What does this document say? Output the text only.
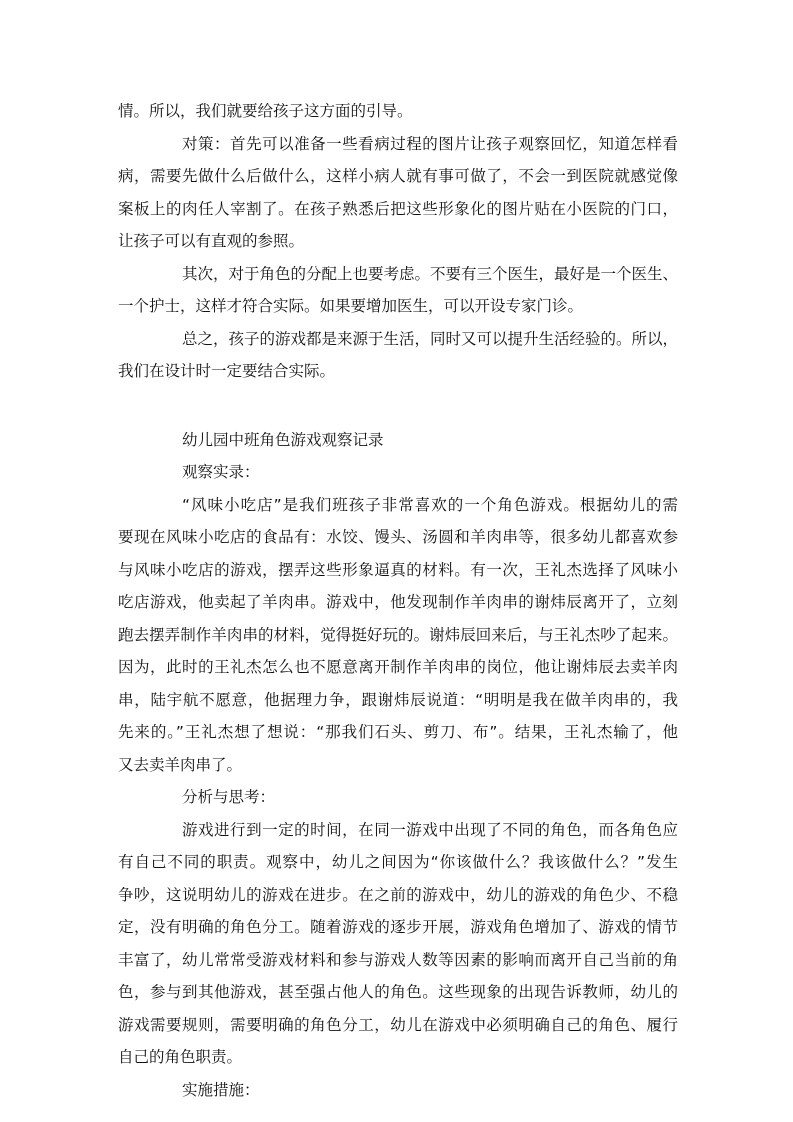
情。所以，我们就要给孩子这方面的引导。
对策：首先可以准备一些看病过程的图片让孩子观察回忆，知道怎样看
病，需要先做什么后做什么，这样小病人就有事可做了，不会一到医院就感觉像
案板上的肉任人宰割了。在孩子熟悉后把这些形象化的图片贴在小医院的门口，
让孩子可以有直观的参照。
其次，对于角色的分配上也要考虑。不要有三个医生，最好是一个医生、
一个护士，这样才符合实际。如果要增加医生，可以开设专家门诊。
总之，孩子的游戏都是来源于生活，同时又可以提升生活经验的。所以，
我们在设计时一定要结合实际。
幼儿园中班角色游戏观察记录
观察实录：
“风味小吃店”是我们班孩子非常喜欢的一个角色游戏。根据幼儿的需
要现在风味小吃店的食品有：水饺、馒头、汤圆和羊肉串等，很多幼儿都喜欢参
与风味小吃店的游戏，摆弄这些形象逼真的材料。有一次，王礼杰选择了风味小
吃店游戏，他卖起了羊肉串。游戏中，他发现制作羊肉串的谢炜辰离开了，立刻
跑去摆弄制作羊肉串的材料，觉得挺好玩的。谢炜辰回来后，与王礼杰吵了起来。
因为，此时的王礼杰怎么也不愿意离开制作羊肉串的岗位，他让谢炜辰去卖羊肉
串，陆宇航不愿意，他据理力争，跟谢炜辰说道：“明明是我在做羊肉串的，我
先来的。”王礼杰想了想说：“那我们石头、剪刀、布”。结果，王礼杰输了，他
又去卖羊肉串了。
分析与思考：
游戏进行到一定的时间，在同一游戏中出现了不同的角色，而各角色应
有自己不同的职责。观察中，幼儿之间因为“你该做什么？我该做什么？”发生
争吵，这说明幼儿的游戏在进步。在之前的游戏中，幼儿的游戏的角色少、不稳
定，没有明确的角色分工。随着游戏的逐步开展，游戏角色增加了、游戏的情节
丰富了，幼儿常常受游戏材料和参与游戏人数等因素的影响而离开自己当前的角
色，参与到其他游戏，甚至强占他人的角色。这些现象的出现告诉教师，幼儿的
游戏需要规则，需要明确的角色分工，幼儿在游戏中必须明确自己的角色、履行
自己的角色职责。
实施措施：
